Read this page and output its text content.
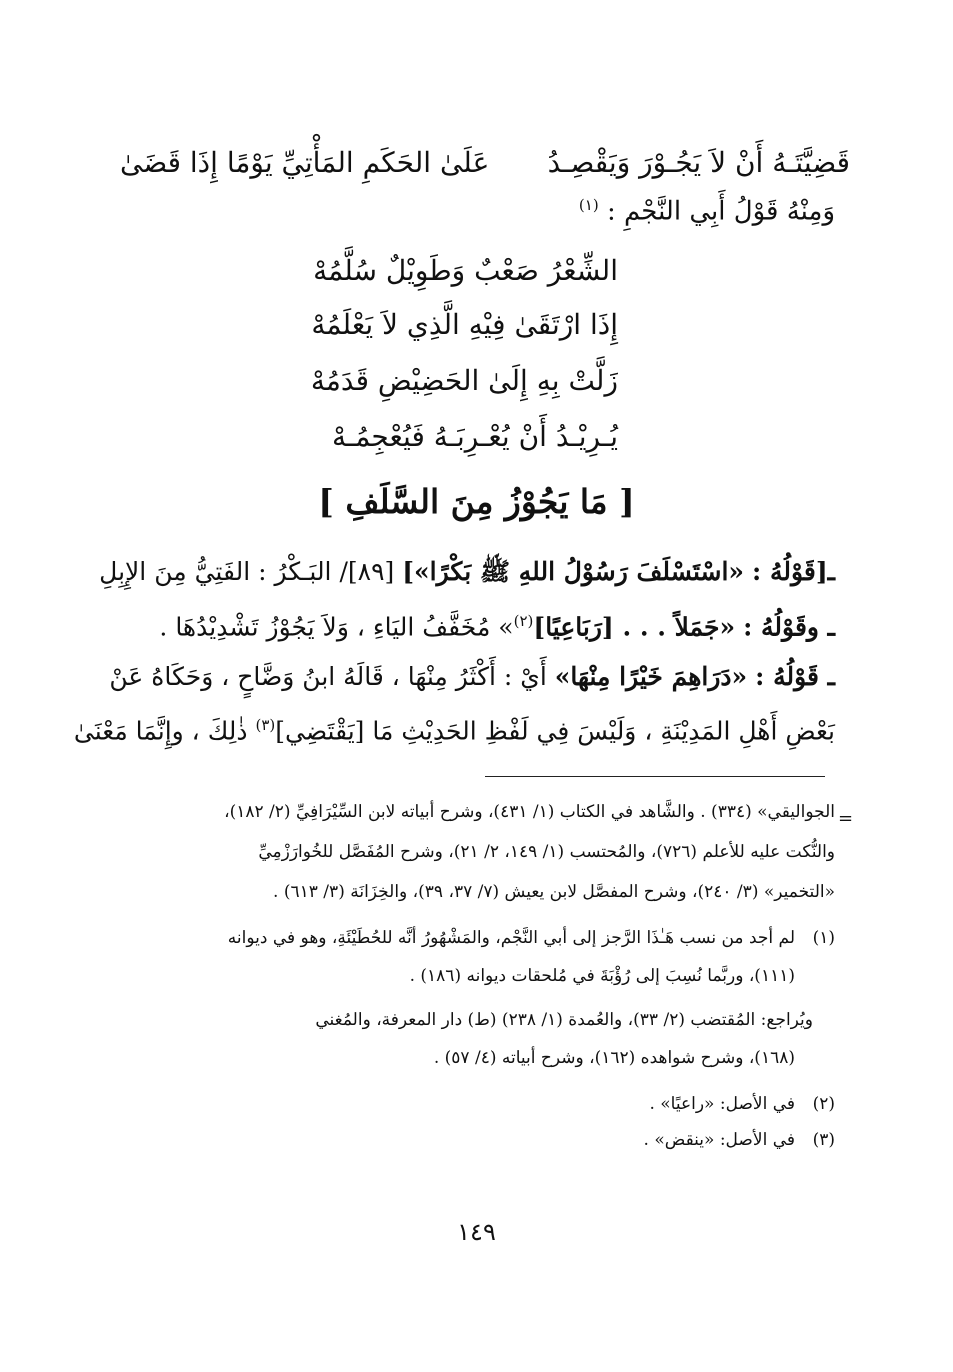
قَضِيَّتَـهُ أَنْ لاَ يَجُـوْرَ وَيَقْصِـدُ
عَلَىٰ الحَكَمِ المَأْتِيِّ يَوْمًا إِذَا قَضَىٰ
وَمِنْهُ قَوْلُ أَبِي النَّجْمِ : $^{(١)}$
الشِّعْرُ صَعْبٌ وَطَوِيْلٌ سُلَّمُهْ
إِذَا ارْتَقَىٰ فِيْهِ الَّذِي لاَ يَعْلَمُهْ
زَلَّتْ بِهِ إِلَىٰ الحَضِيْضِ قَدَمُهْ
يُـرِيْـدُ أَنْ يُعْـرِبَـهُ فَيُعْجِمُـهْ
[ مَا يَجُوْزُ مِنَ السَّلَفِ ]
ـ[قَوْلُهُ : «اسْتَسْلَفَ رَسُوْلُ اللهِ ﷺ بَكْرًا»] [٨٩]/ البَـكْرُ : الفَتِيُّ مِنَ الإِبِلِ
ـ وقَوْلُهُ : «جَمَلاً . . . [رَبَاعِيًا]$^{(٢)}$» مُخَفَّفُ اليَاءِ ، وَلاَ يَجُوْزُ تَشْدِيْدُهَا .
ـ قَوْلُهُ : «دَرَاهِمَ خَيْرًا مِنْهَا» أَيْ : أَكْثَرُ مِنْهَا ، قَالَهُ ابنُ وَضَّاحٍ ، وَحَكَاهُ عَنْ
بَعْضِ أَهْلِ المَدِيْنَةِ ، وَلَيْسَ فِي لَفْظِ الحَدِيْثِ مَا [يَقْتَضِي]$^{(٣)}$ ذٰلِكَ ، وإِنَّمَا مَعْنَىٰ
=
الجواليقي» (٣٣٤) . والشَّاهد في الكتاب (١/ ٤٣١)، وشرح أبياته لابن السِّيْرَافِيِّ (٢/ ١٨٢)،
والنُّكت عليه للأعلم (٧٢٦)، والمُحتسب (١/ ١٤٩، ٢/ ٢١)، وشرح المُفَصَّل للخُوارَزْمِيِّ
«التخمير» (٣/ ٢٤٠)، وشرح المفصَّل لابن يعيش (٧/ ٣٧، ٣٩)، والخِزَانَة (٣/ ٦١٣) .
(١)
لم أجد من نسب هَـٰذَا الرَّجز إلى أبي النَّجْم، والمَشْهُورُ أنَّه للحُطَيْئَةِ، وهو في ديوانه
(١١١)، وربَّما نُسِبَ إلى رُؤْبَةَ في مُلحقات ديوانه (١٨٦) .
ويُراجع: المُقتضب (٢/ ٣٣)، والعُمدة (١/ ٢٣٨) (ط) دار المعرفة، والمُغني
(١٦٨)، وشرح شواهده (١٦٢)، وشرح أبياته (٤/ ٥٧) .
(٢)
في الأصل: «راعيًا» .
(٣)
في الأصل: «ينقض» .
١٤٩
